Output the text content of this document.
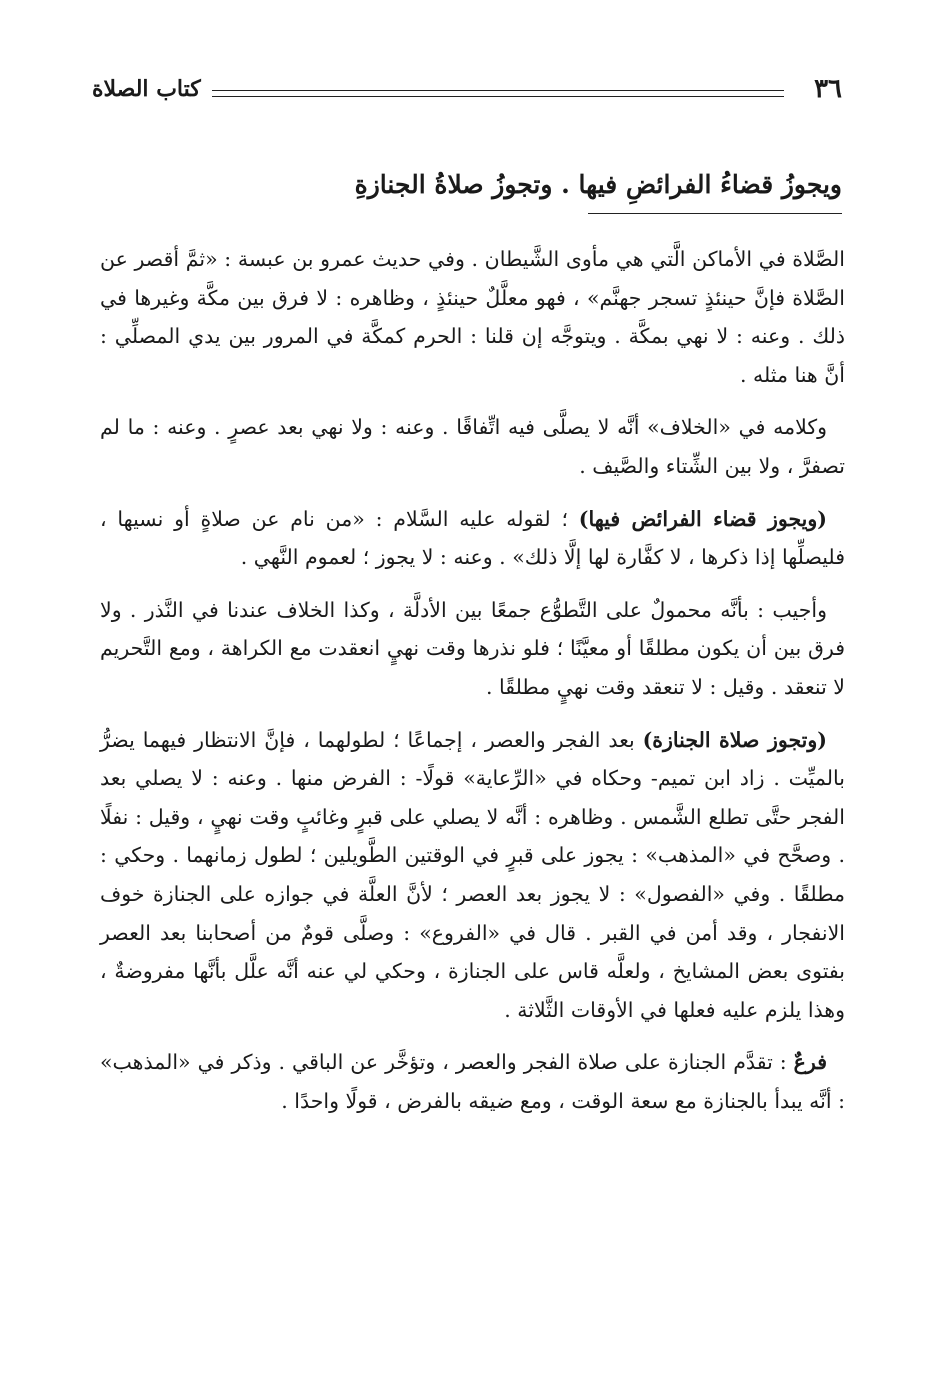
٣٦
كتاب الصلاة
ويجوزُ قضاءُ الفرائضِ فيها . وتجوزُ صلاةُ الجنازةِ

الصَّلاة في الأماكن الَّتي هي مأوى الشَّيطان . وفي حديث عمرو بن عبسة : «ثمَّ أقصر عن الصَّلاة فإنَّ حينئذٍ تسجر جهنَّم» ، فهو معلَّلٌ حينئذٍ ، وظاهره : لا فرق بين مكَّة وغيرها في ذلك . وعنه : لا نهي بمكَّة . ويتوجَّه إن قلنا : الحرم كمكَّة في المرور بين يدي المصلِّي : أنَّ هنا مثله .

وكلامه في «الخلاف» أنَّه لا يصلَّى فيه اتِّفاقًا . وعنه : ولا نهي بعد عصرٍ . وعنه : ما لم تصفرَّ ، ولا بين الشِّتاء والصَّيف .

(ويجوز قضاء الفرائض فيها) ؛ لقوله عليه السَّلام : «من نام عن صلاةٍ أو نسيها ، فليصلِّها إذا ذكرها ، لا كفَّارة لها إلَّا ذلك» . وعنه : لا يجوز ؛ لعموم النَّهي .

وأجيب : بأنَّه محمولٌ على التَّطوُّع جمعًا بين الأدلَّة ، وكذا الخلاف عندنا في النَّذر . ولا فرق بين أن يكون مطلقًا أو معيَّنًا ؛ فلو نذرها وقت نهيٍ انعقدت مع الكراهة ، ومع التَّحريم لا تنعقد . وقيل : لا تنعقد وقت نهيٍ مطلقًا .

(وتجوز صلاة الجنازة) بعد الفجر والعصر ، إجماعًا ؛ لطولهما ، فإنَّ الانتظار فيهما يضرُّ بالميِّت . زاد ابن تميم- وحكاه في «الرِّعاية» قولًا- : الفرض منها . وعنه : لا يصلي بعد الفجر حتَّى تطلع الشَّمس . وظاهره : أنَّه لا يصلي على قبرٍ وغائبٍ وقت نهيٍ ، وقيل : نفلًا . وصحَّح في «المذهب» : يجوز على قبرٍ في الوقتين الطَّويلين ؛ لطول زمانهما . وحكي : مطلقًا . وفي «الفصول» : لا يجوز بعد العصر ؛ لأنَّ العلَّة في جوازه على الجنازة خوف الانفجار ، وقد أمن في القبر . قال في «الفروع» : وصلَّى قومٌ من أصحابنا بعد العصر بفتوى بعض المشايخ ، ولعلَّه قاس على الجنازة ، وحكي لي عنه أنَّه علَّل بأنَّها مفروضةٌ ، وهذا يلزم عليه فعلها في الأوقات الثَّلاثة .

فرعٌ : تقدَّم الجنازة على صلاة الفجر والعصر ، وتؤخَّر عن الباقي . وذكر في «المذهب» : أنَّه يبدأ بالجنازة مع سعة الوقت ، ومع ضيقه بالفرض ، قولًا واحدًا .
